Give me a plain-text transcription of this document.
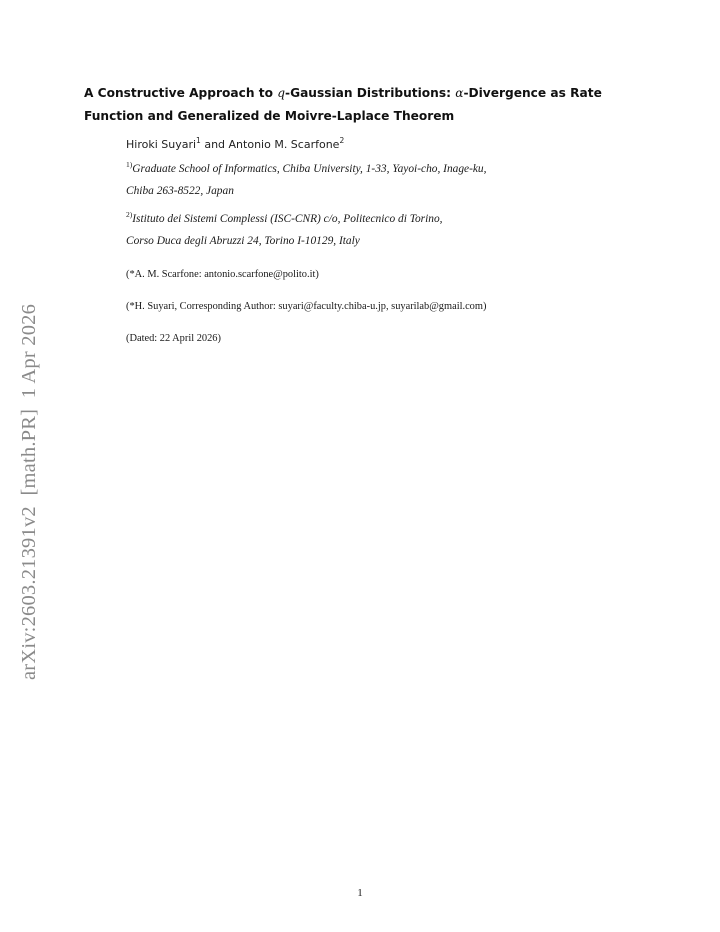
arXiv:2603.21391v2  [math.PR]  1 Apr 2026
A Constructive Approach to q-Gaussian Distributions: α-Divergence as Rate
Function and Generalized de Moivre-Laplace Theorem
Hiroki Suyari$^1$ and Antonio M. Scarfone$^2$
$^{1)}$Graduate School of Informatics, Chiba University, 1-33, Yayoi-cho, Inage-ku,
Chiba 263-8522, Japan
$^{2)}$Istituto dei Sistemi Complessi (ISC-CNR) c/o, Politecnico di Torino,
Corso Duca degli Abruzzi 24, Torino I-10129, Italy
(*A. M. Scarfone: antonio.scarfone@polito.it)
(*H. Suyari, Corresponding Author: suyari@faculty.chiba-u.jp, suyarilab@gmail.com)
(Dated: 22 April 2026)
1
